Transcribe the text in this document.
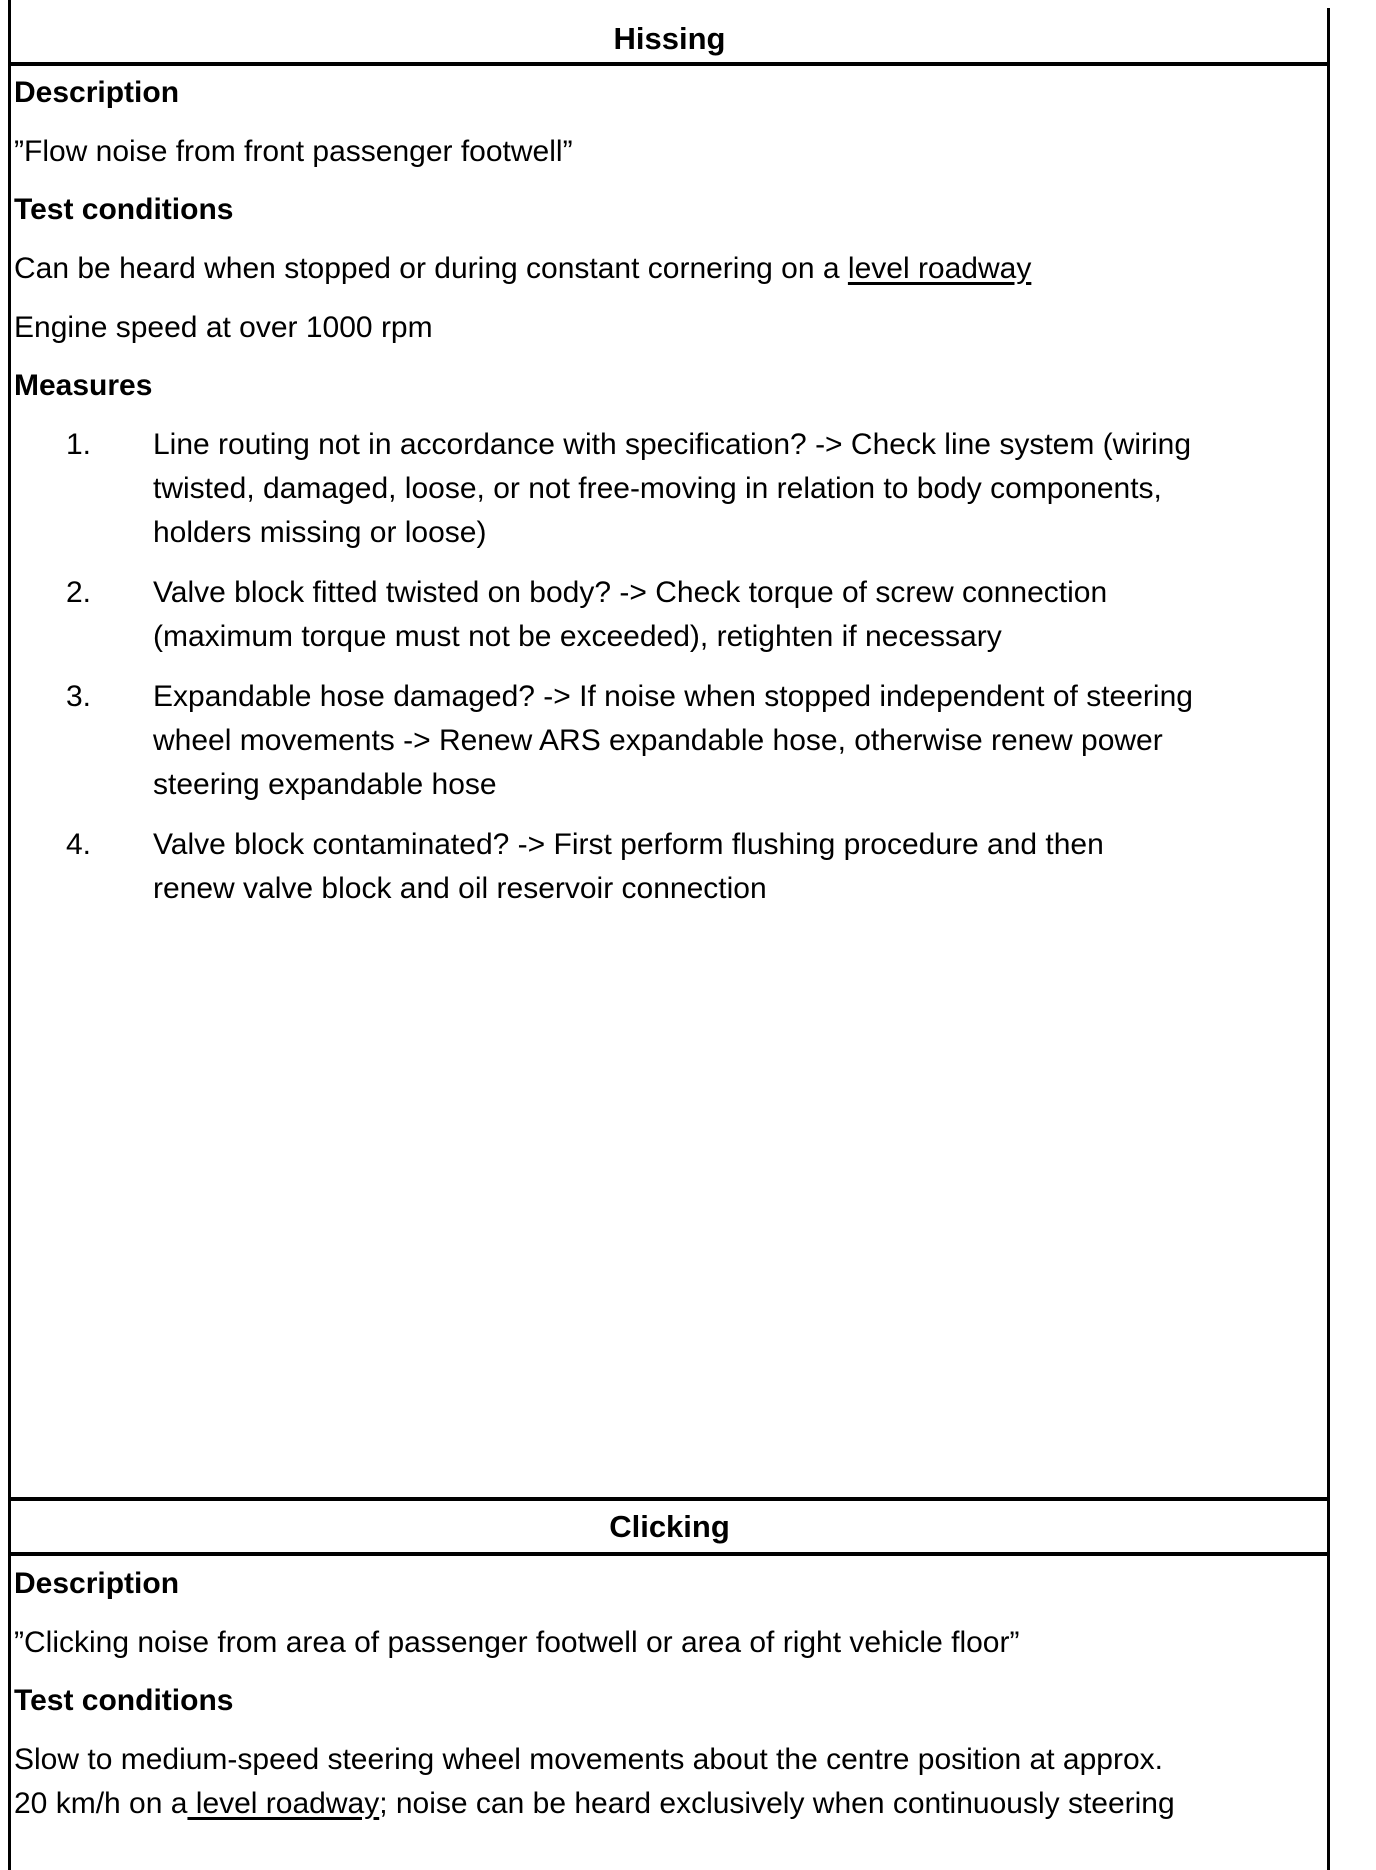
Hissing
Description
”Flow noise from front passenger footwell”
Test conditions
Can be heard when stopped or during constant cornering on a level roadway
Engine speed at over 1000 rpm
Measures
1. Line routing not in accordance with specification? -> Check line system (wiring
twisted, damaged, loose, or not free-moving in relation to body components,
holders missing or loose)
2. Valve block fitted twisted on body? -> Check torque of screw connection
(maximum torque must not be exceeded), retighten if necessary
3. Expandable hose damaged? -> If noise when stopped independent of steering
wheel movements -> Renew ARS expandable hose, otherwise renew power
steering expandable hose
4. Valve block contaminated? -> First perform flushing procedure and then
renew valve block and oil reservoir connection
Clicking
Description
”Clicking noise from area of passenger footwell or area of right vehicle floor”
Test conditions
Slow to medium-speed steering wheel movements about the centre position at approx.
20 km/h on a level roadway; noise can be heard exclusively when continuously steering
